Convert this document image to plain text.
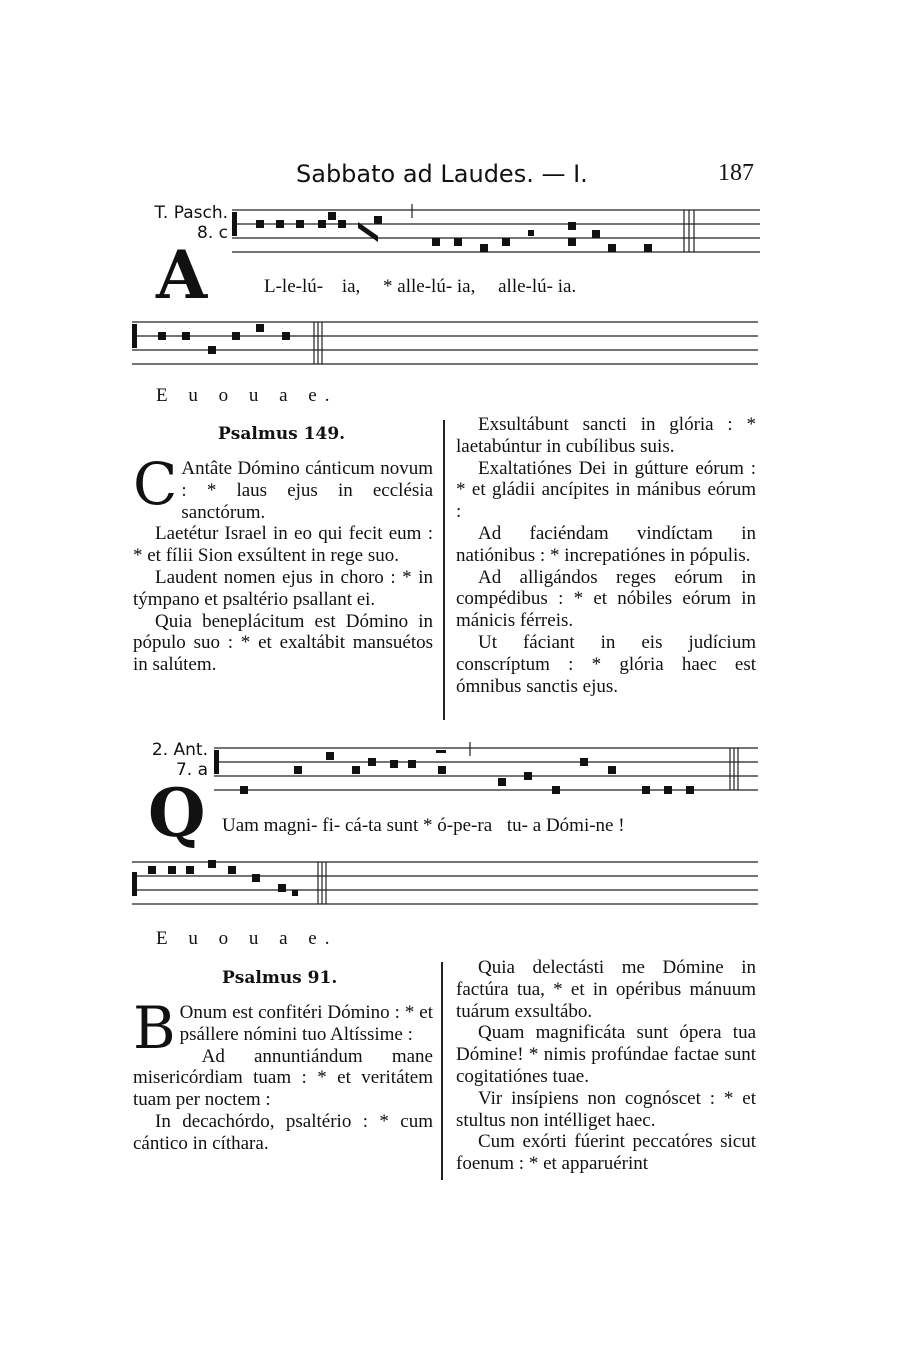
Sabbato ad Laudes. — I.	187
T. Pasch.
8. c
A	L-le-lú- ia, * alle-lú- ia, alle-lú- ia.
E u o u a e.
Psalmus 149.

C Antâte Dómino cánticum novum : * laus ejus in ecclésia sanctórum.

Laetétur Israel in eo qui fecit eum : * et fílii Sion exsúltent in rege suo.

Laudent nomen ejus in choro : * in týmpano et psaltério psallant ei.

Quia beneplácitum est Dómino in pópulo suo : * et exaltábit mansuétos in salútem.

Exsultábunt sancti in glória : * laetabúntur in cubílibus suis.

Exaltatiónes Dei in gútture eórum : * et gládii ancípites in mánibus eórum :

Ad faciéndam vindíctam in natiónibus : * increpatiónes in pópulis.

Ad alligándos reges eórum in compédibus : * et nóbiles eórum in mánicis férreis.

Ut fáciant in eis judícium conscríptum : * glória haec est ómnibus sanctis ejus.

2. Ant.
7. a
Q Uam magni- fi- cá-ta sunt * ó-pe-ra tu- a Dómi-ne !
E u o u a e.
Psalmus 91.

B Onum est confitéri Dómino : * et psállere nómini tuo Altíssime :

Ad annuntiándum mane misericórdiam tuam : * et veritátem tuam per noctem :

In decachórdo, psaltério : * cum cántico in cíthara.

Quia delectásti me Dómine in factúra tua, * et in opéribus mánuum tuárum exsultábo.

Quam magnificáta sunt ópera tua Dómine! * nimis profúndae factae sunt cogitatiónes tuae.

Vir insípiens non cognóscet : * et stultus non intélliget haec.

Cum exórti fúerint peccatóres sicut foenum : * et apparuérint
